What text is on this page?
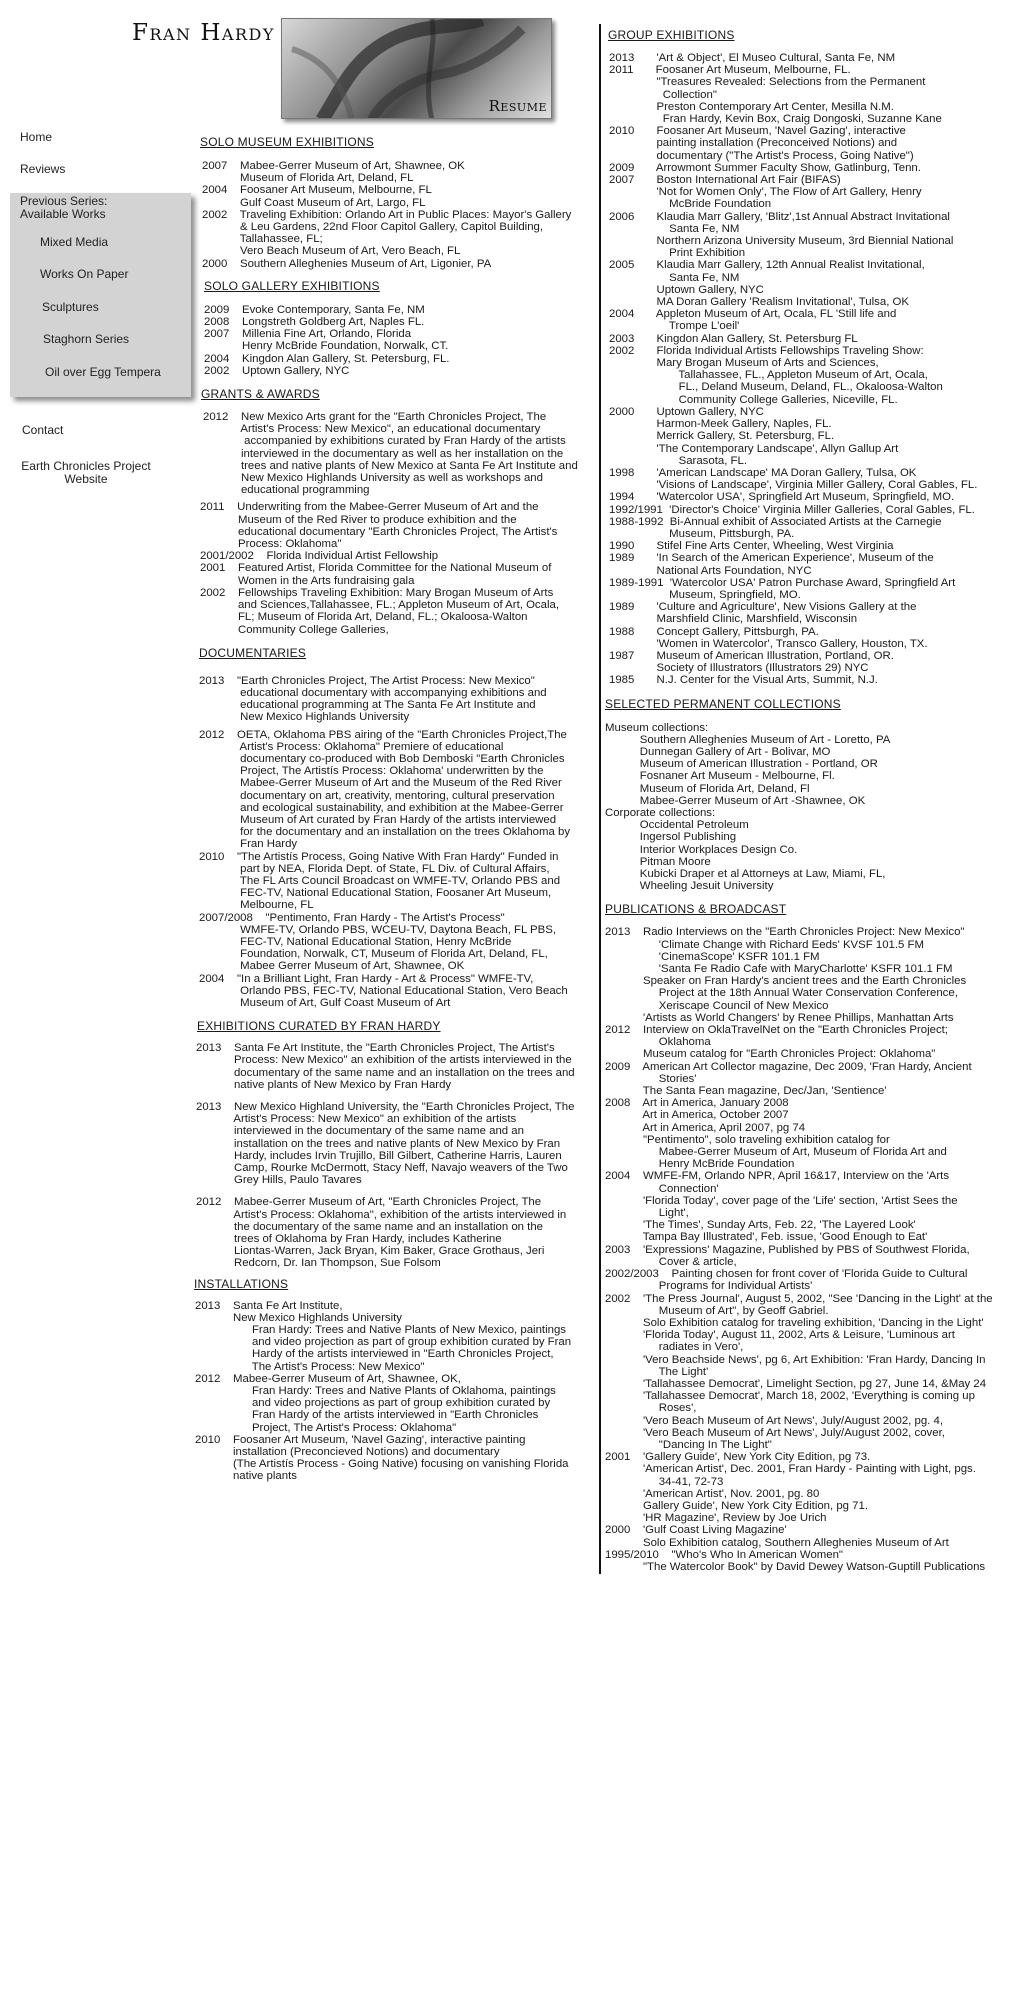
Fran Hardy
Resume
Home
Reviews
Previous Series:
Available Works
Mixed Media
Works On Paper
Sculptures
Staghorn Series
Oil over Egg Tempera
Contact
Earth Chronicles Project
Website
SOLO MUSEUM EXHIBITIONS
2007    Mabee-Gerrer Museum of Art, Shawnee, OK
Museum of Florida Art, Deland, FL
2004    Foosaner Art Museum, Melbourne, FL
Gulf Coast Museum of Art, Largo, FL
2002    Traveling Exhibition: Orlando Art in Public Places: Mayor's Gallery
& Leu Gardens, 22nd Floor Capitol Gallery, Capitol Building,
Tallahassee, FL;
Vero Beach Museum of Art, Vero Beach, FL
2000    Southern Alleghenies Museum of Art, Ligonier, PA
SOLO GALLERY EXHIBITIONS
2009    Evoke Contemporary, Santa Fe, NM
2008    Longstreth Goldberg Art, Naples FL.
2007    Millenia Fine Art, Orlando, Florida
Henry McBride Foundation, Norwalk, CT.
2004    Kingdon Alan Gallery, St. Petersburg, FL.
2002    Uptown Gallery, NYC
GRANTS & AWARDS
2012    New Mexico Arts grant for the "Earth Chronicles Project, The
Artist's Process: New Mexico", an educational documentary
accompanied by exhibitions curated by Fran Hardy of the artists
interviewed in the documentary as well as her installation on the
trees and native plants of New Mexico at Santa Fe Art Institute and
New Mexico Highlands University as well as workshops and
educational programming
2011    Underwriting from the Mabee-Gerrer Museum of Art and the
Museum of the Red River to produce exhibition and the
educational documentary "Earth Chronicles Project, The Artist's
Process: Oklahoma"
2001/2002    Florida Individual Artist Fellowship
2001    Featured Artist, Florida Committee for the National Museum of
Women in the Arts fundraising gala
2002    Fellowships Traveling Exhibition: Mary Brogan Museum of Arts
and Sciences,Tallahassee, FL.; Appleton Museum of Art, Ocala,
FL; Museum of Florida Art, Deland, FL.; Okaloosa-Walton
Community College Galleries,
DOCUMENTARIES
2013    "Earth Chronicles Project, The Artist Process: New Mexico"
educational documentary with accompanying exhibitions and
educational programming at The Santa Fe Art Institute and
New Mexico Highlands University
2012    OETA, Oklahoma PBS airing of the "Earth Chronicles Project,The
Artist's Process: Oklahoma" Premiere of educational
documentary co-produced with Bob Demboski "Earth Chronicles
Project, The Artistís Process: Oklahoma' underwritten by the
Mabee-Gerrer Museum of Art and the Museum of the Red River
documentary on art, creativity, mentoring, cultural preservation
and ecological sustainability, and exhibition at the Mabee-Gerrer
Museum of Art curated by Fran Hardy of the artists interviewed
for the documentary and an installation on the trees Oklahoma by
Fran Hardy
2010    "The Artistís Process, Going Native With Fran Hardy" Funded in
part by NEA, Florida Dept. of State, FL Div. of Cultural Affairs,
The FL Arts Council Broadcast on WMFE-TV, Orlando PBS and
FEC-TV, National Educational Station, Foosaner Art Museum,
Melbourne, FL
2007/2008    "Pentimento, Fran Hardy - The Artist's Process"
WMFE-TV, Orlando PBS, WCEU-TV, Daytona Beach, FL PBS,
FEC-TV, National Educational Station, Henry McBride
Foundation, Norwalk, CT, Museum of Florida Art, Deland, FL,
Mabee Gerrer Museum of Art, Shawnee, OK
2004    "In a Brilliant Light, Fran Hardy - Art & Process" WMFE-TV,
Orlando PBS, FEC-TV, National Educational Station, Vero Beach
Museum of Art, Gulf Coast Museum of Art
EXHIBITIONS CURATED BY FRAN HARDY
2013    Santa Fe Art Institute, the "Earth Chronicles Project, The Artist's
Process: New Mexico" an exhibition of the artists interviewed in the
documentary of the same name and an installation on the trees and
native plants of New Mexico by Fran Hardy
2013    New Mexico Highland University, the "Earth Chronicles Project, The
Artist's Process: New Mexico" an exhibition of the artists
interviewed in the documentary of the same name and an
installation on the trees and native plants of New Mexico by Fran
Hardy, includes Irvin Trujillo, Bill Gilbert, Catherine Harris, Lauren
Camp, Rourke McDermott, Stacy Neff, Navajo weavers of the Two
Grey Hills, Paulo Tavares
2012    Mabee-Gerrer Museum of Art, "Earth Chronicles Project, The
Artist's Process: Oklahoma", exhibition of the artists interviewed in
the documentary of the same name and an installation on the
trees of Oklahoma by Fran Hardy, includes Katherine
Liontas-Warren, Jack Bryan, Kim Baker, Grace Grothaus, Jeri
Redcorn, Dr. Ian Thompson, Sue Folsom
INSTALLATIONS
2013    Santa Fe Art Institute,
New Mexico Highlands University
Fran Hardy: Trees and Native Plants of New Mexico, paintings
and video projection as part of group exhibition curated by Fran
Hardy of the artists interviewed in "Earth Chronicles Project,
The Artist's Process: New Mexico"
2012    Mabee-Gerrer Museum of Art, Shawnee, OK,
Fran Hardy: Trees and Native Plants of Oklahoma, paintings
and video projections as part of group exhibition curated by
Fran Hardy of the artists interviewed in "Earth Chronicles
Project, The Artist's Process: Oklahoma"
2010    Foosaner Art Museum, 'Navel Gazing', interactive painting
installation (Preconcieved Notions) and documentary
(The Artistís Process - Going Native) focusing on vanishing Florida
native plants
GROUP EXHIBITIONS
2013       'Art & Object', El Museo Cultural, Santa Fe, NM
2011       Foosaner Art Museum, Melbourne, FL.
"Treasures Revealed: Selections from the Permanent
Collection"
Preston Contemporary Art Center, Mesilla N.M.
Fran Hardy, Kevin Box, Craig Dongoski, Suzanne Kane
2010       Foosaner Art Museum, 'Navel Gazing', interactive
painting installation (Preconceived Notions) and
documentary ("The Artist's Process, Going Native")
2009       Arrowmont Summer Faculty Show, Gatlinburg, Tenn.
2007       Boston International Art Fair (BIFAS)
'Not for Women Only', The Flow of Art Gallery, Henry
McBride Foundation
2006       Klaudia Marr Gallery, 'Blitz',1st Annual Abstract Invitational
Santa Fe, NM
Northern Arizona University Museum, 3rd Biennial National
Print Exhibition
2005       Klaudia Marr Gallery, 12th Annual Realist Invitational,
Santa Fe, NM
Uptown Gallery, NYC
MA Doran Gallery 'Realism Invitational', Tulsa, OK
2004       Appleton Museum of Art, Ocala, FL 'Still life and
Trompe L'oeil'
2003       Kingdon Alan Gallery, St. Petersburg FL
2002       Florida Individual Artists Fellowships Traveling Show:
Mary Brogan Museum of Arts and Sciences,
Tallahassee, FL., Appleton Museum of Art, Ocala,
FL., Deland Museum, Deland, FL., Okaloosa-Walton
Community College Galleries, Niceville, FL.
2000       Uptown Gallery, NYC
Harmon-Meek Gallery, Naples, FL.
Merrick Gallery, St. Petersburg, FL.
'The Contemporary Landscape', Allyn Gallup Art
Sarasota, FL.
1998       'American Landscape' MA Doran Gallery, Tulsa, OK
'Visions of Landscape', Virginia Miller Gallery, Coral Gables, FL.
1994       'Watercolor USA', Springfield Art Museum, Springfield, MO.
1992/1991  'Director's Choice' Virginia Miller Galleries, Coral Gables, FL.
1988-1992  Bi-Annual exhibit of Associated Artists at the Carnegie
Museum, Pittsburgh, PA.
1990       Stifel Fine Arts Center, Wheeling, West Virginia
1989       'In Search of the American Experience', Museum of the
National Arts Foundation, NYC
1989-1991  'Watercolor USA' Patron Purchase Award, Springfield Art
Museum, Springfield, MO.
1989       'Culture and Agriculture', New Visions Gallery at the
Marshfield Clinic, Marshfield, Wisconsin
1988       Concept Gallery, Pittsburgh, PA.
'Women in Watercolor', Transco Gallery, Houston, TX.
1987       Museum of American Illustration, Portland, OR.
Society of Illustrators (Illustrators 29) NYC
1985       N.J. Center for the Visual Arts, Summit, N.J.
SELECTED PERMANENT COLLECTIONS
Museum collections:
Southern Alleghenies Museum of Art - Loretto, PA
Dunnegan Gallery of Art - Bolivar, MO
Museum of American Illustration - Portland, OR
Fosnaner Art Museum - Melbourne, Fl.
Museum of Florida Art, Deland, Fl
Mabee-Gerrer Museum of Art -Shawnee, OK
Corporate collections:
Occidental Petroleum
Ingersol Publishing
Interior Workplaces Design Co.
Pitman Moore
Kubicki Draper et al Attorneys at Law, Miami, FL,
Wheeling Jesuit University
PUBLICATIONS & BROADCAST
2013    Radio Interviews on the "Earth Chronicles Project: New Mexico"
'Climate Change with Richard Eeds' KVSF 101.5 FM
'CinemaScope' KSFR 101.1 FM
'Santa Fe Radio Cafe with MaryCharlotte' KSFR 101.1 FM
Speaker on Fran Hardy's ancient trees and the Earth Chronicles
Project at the 18th Annual Water Conservation Conference,
Xeriscape Council of New Mexico
'Artists as World Changers' by Renee Phillips, Manhattan Arts
2012    Interview on OklaTravelNet on the "Earth Chronicles Project;
Oklahoma
Museum catalog for "Earth Chronicles Project: Oklahoma"
2009    American Art Collector magazine, Dec 2009, 'Fran Hardy, Ancient
Stories'
The Santa Fean magazine, Dec/Jan, 'Sentience'
2008    Art in America, January 2008
Art in America, October 2007
Art in America, April 2007, pg 74
"Pentimento", solo traveling exhibition catalog for
Mabee-Gerrer Museum of Art, Museum of Florida Art and
Henry McBride Foundation
2004    WMFE-FM, Orlando NPR, April 16&17, Interview on the 'Arts
Connection'
'Florida Today', cover page of the 'Life' section, 'Artist Sees the
Light',
'The Times', Sunday Arts, Feb. 22, 'The Layered Look'
Tampa Bay Illustrated', Feb. issue, 'Good Enough to Eat'
2003    'Expressions' Magazine, Published by PBS of Southwest Florida,
Cover & article,
2002/2003    Painting chosen for front cover of 'Florida Guide to Cultural
Programs for Individual Artists'
2002    'The Press Journal', August 5, 2002, "See 'Dancing in the Light' at the
Museum of Art", by Geoff Gabriel.
Solo Exhibition catalog for traveling exhibition, 'Dancing in the Light'
'Florida Today', August 11, 2002, Arts & Leisure, 'Luminous art
radiates in Vero',
'Vero Beachside News', pg 6, Art Exhibition: 'Fran Hardy, Dancing In
The Light'
'Tallahassee Democrat', Limelight Section, pg 27, June 14, &May 24
'Tallahassee Democrat', March 18, 2002, 'Everything is coming up
Roses',
'Vero Beach Museum of Art News', July/August 2002, pg. 4,
'Vero Beach Museum of Art News', July/August 2002, cover,
"Dancing In The Light"
2001    'Gallery Guide', New York City Edition, pg 73.
'American Artist', Dec. 2001, Fran Hardy - Painting with Light, pgs.
34-41, 72-73
'American Artist', Nov. 2001, pg. 80
Gallery Guide', New York City Edition, pg 71.
'HR Magazine', Review by Joe Urich
2000    'Gulf Coast Living Magazine'
Solo Exhibition catalog, Southern Alleghenies Museum of Art
1995/2010    "Who's Who In American Women"
"The Watercolor Book" by David Dewey Watson-Guptill Publications
